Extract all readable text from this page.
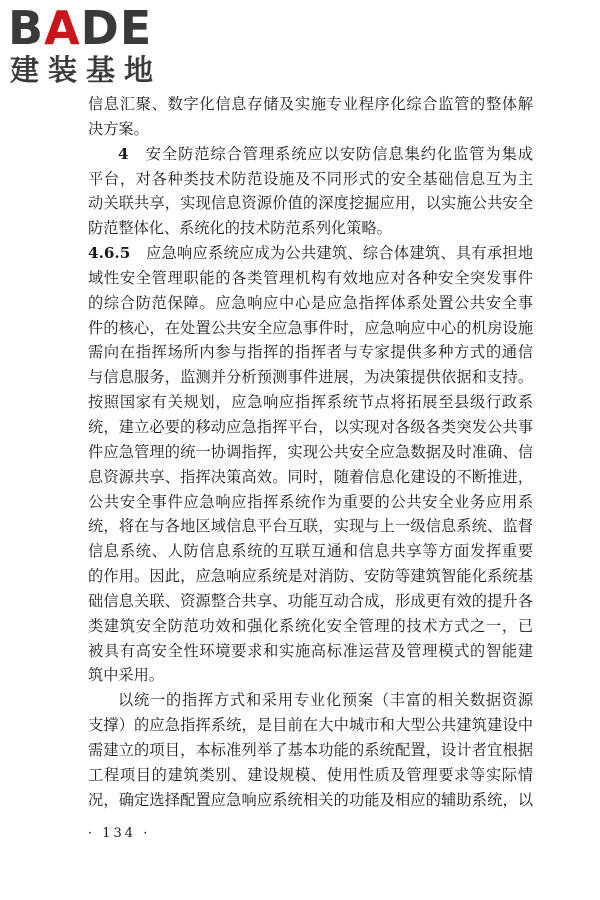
BADE
建装基地
信息汇聚、数字化信息存储及实施专业程序化综合监管的整体解
决方案。
4　 安全防范综合管理系统应以安防信息集约化监管为集成
平台，对各种类技术防范设施及不同形式的安全基础信息互为主
动关联共享，实现信息资源价值的深度挖掘应用，以实施公共安全
防范整体化、系统化的技术防范系列化策略。
4.6.5　 应急响应系统应成为公共建筑、综合体建筑、具有承担地
域性安全管理职能的各类管理机构有效地应对各种安全突发事件
的综合防范保障。应急响应中心是应急指挥体系处置公共安全事
件的核心，在处置公共安全应急事件时，应急响应中心的机房设施
需向在指挥场所内参与指挥的指挥者与专家提供多种方式的通信
与信息服务，监测并分析预测事件进展，为决策提供依据和支持。
按照国家有关规划，应急响应指挥系统节点将拓展至县级行政系
统，建立必要的移动应急指挥平台，以实现对各级各类突发公共事
件应急管理的统一协调指挥，实现公共安全应急数据及时准确、信
息资源共享、指挥决策高效。同时，随着信息化建设的不断推进，
公共安全事件应急响应指挥系统作为重要的公共安全业务应用系
统，将在与各地区域信息平台互联，实现与上一级信息系统、监督
信息系统、人防信息系统的互联互通和信息共享等方面发挥重要
的作用。因此，应急响应系统是对消防、安防等建筑智能化系统基
础信息关联、资源整合共享、功能互动合成，形成更有效的提升各
类建筑安全防范功效和强化系统化安全管理的技术方式之一，已
被具有高安全性环境要求和实施高标准运营及管理模式的智能建
筑中采用。
以统一的指挥方式和采用专业化预案（丰富的相关数据资源
支撑）的应急指挥系统，是目前在大中城市和大型公共建筑建设中
需建立的项目，本标准列举了基本功能的系统配置，设计者宜根据
工程项目的建筑类别、建设规模、使用性质及管理要求等实际情
况，确定选择配置应急响应系统相关的功能及相应的辅助系统，以
· 134 ·
